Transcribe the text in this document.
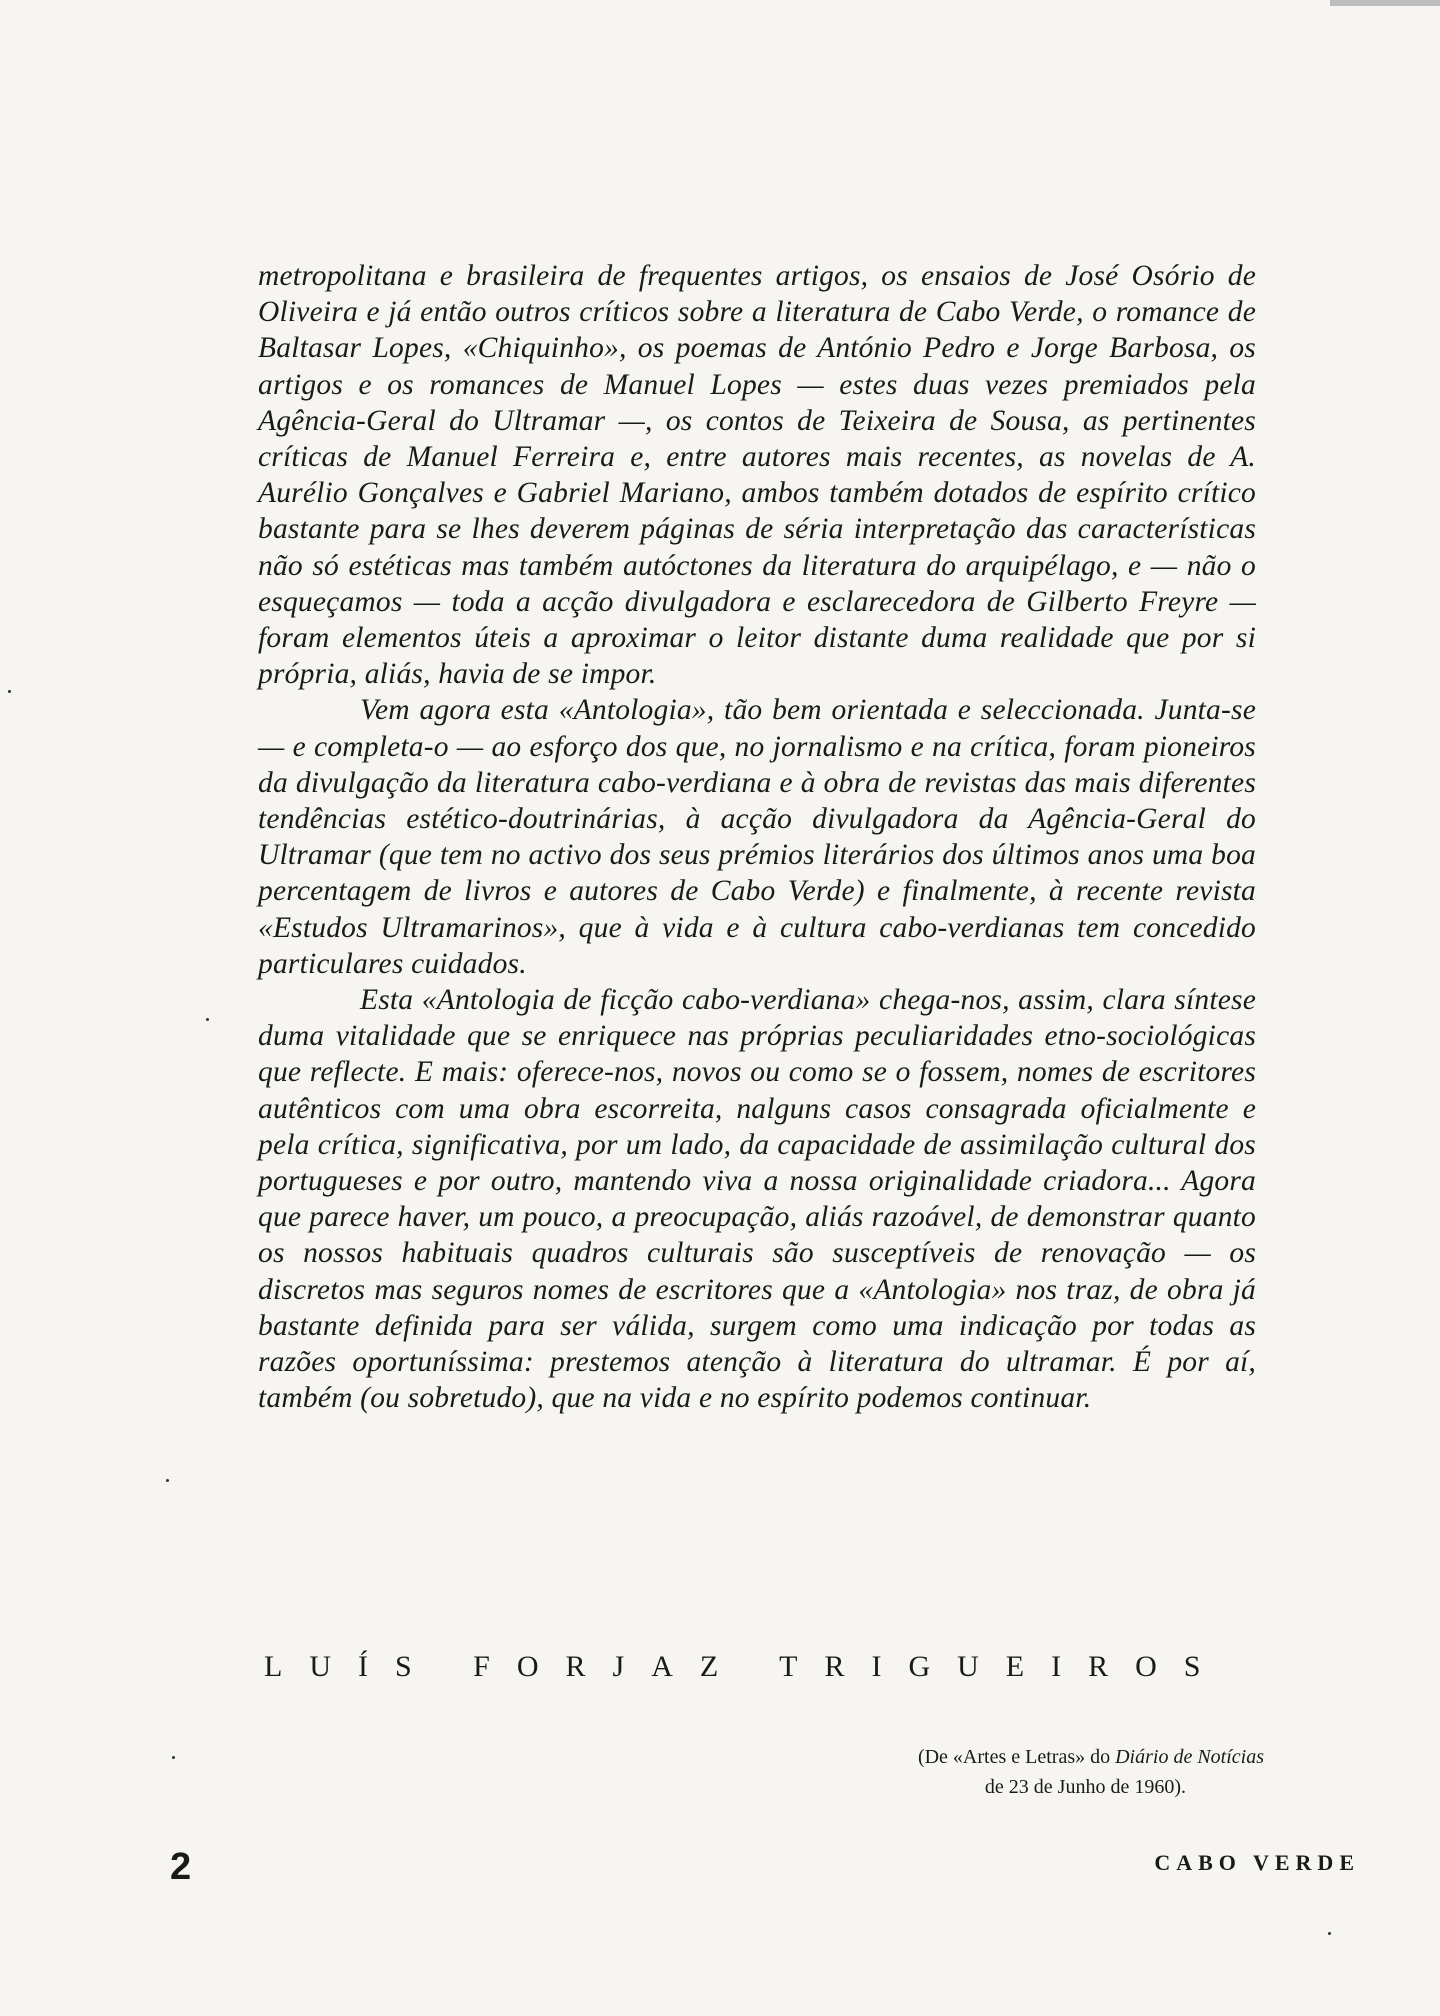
metropolitana e brasileira de frequentes artigos, os ensaios de José Osório de Oliveira e já então outros críticos sobre a literatura de Cabo Verde, o romance de Baltasar Lopes, «Chiquinho», os poemas de António Pedro e Jorge Barbosa, os artigos e os romances de Manuel Lopes — estes duas vezes premiados pela Agência-Geral do Ultramar —, os contos de Teixeira de Sousa, as pertinentes críticas de Manuel Ferreira e, entre autores mais recentes, as novelas de A. Aurélio Gonçalves e Gabriel Mariano, ambos também dotados de espírito crítico bastante para se lhes deverem páginas de séria interpretação das características não só estéticas mas também autóctones da literatura do arquipélago, e — não o esqueçamos — toda a acção divulgadora e esclarecedora de Gilberto Freyre — foram elementos úteis a aproximar o leitor distante duma realidade que por si própria, aliás, havia de se impor.

Vem agora esta «Antologia», tão bem orientada e seleccionada. Junta-se — e completa-o — ao esforço dos que, no jornalismo e na crítica, foram pioneiros da divulgação da literatura cabo-verdiana e à obra de revistas das mais diferentes tendências estético-doutrinárias, à acção divulgadora da Agência-Geral do Ultramar (que tem no activo dos seus prémios literários dos últimos anos uma boa percentagem de livros e autores de Cabo Verde) e finalmente, à recente revista «Estudos Ultramarinos», que à vida e à cultura cabo-verdianas tem concedido particulares cuidados.

Esta «Antologia de ficção cabo-verdiana» chega-nos, assim, clara síntese duma vitalidade que se enriquece nas próprias peculiaridades etno-sociológicas que reflecte. E mais: oferece-nos, novos ou como se o fossem, nomes de escritores autênticos com uma obra escorreita, nalguns casos consagrada oficialmente e pela crítica, significativa, por um lado, da capacidade de assimilação cultural dos portugueses e por outro, mantendo viva a nossa originalidade criadora... Agora que parece haver, um pouco, a preocupação, aliás razoável, de demonstrar quanto os nossos habituais quadros culturais são susceptíveis de renovação — os discretos mas seguros nomes de escritores que a «Antologia» nos traz, de obra já bastante definida para ser válida, surgem como uma indicação por todas as razões oportuníssima: prestemos atenção à literatura do ultramar. É por aí, também (ou sobretudo), que na vida e no espírito podemos continuar.

LUÍS FORJAZ TRIGUEIROS
(De «Artes e Letras» do Diário de Notícias
de 23 de Junho de 1960).
2	CABO VERDE
